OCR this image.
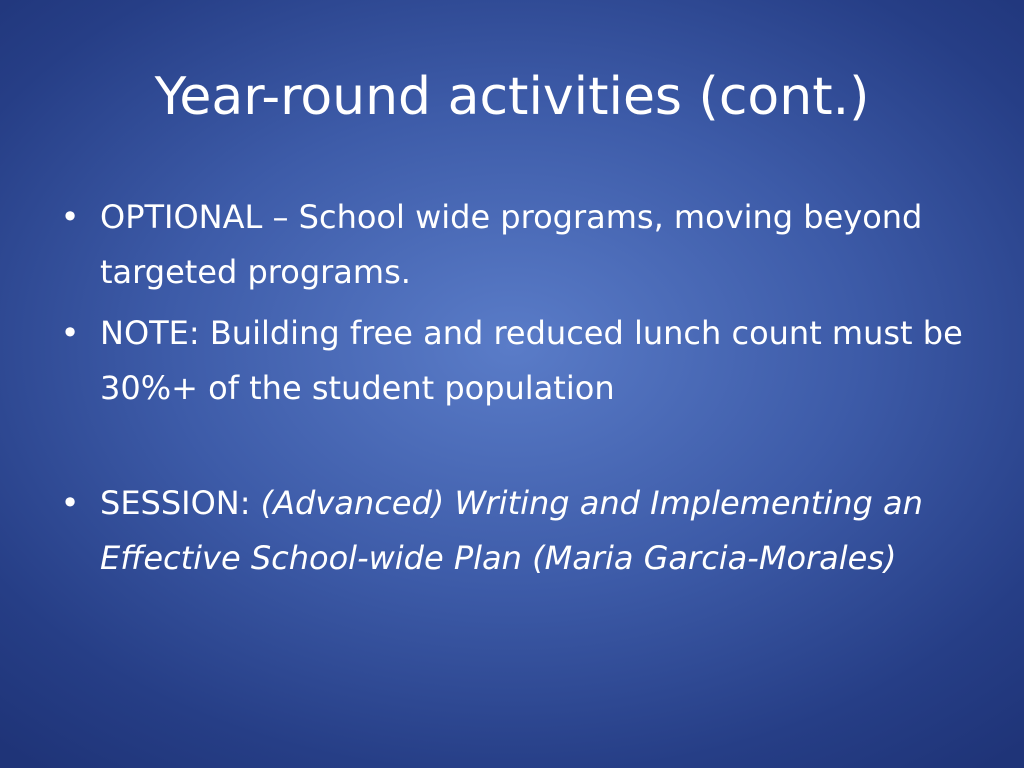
Year-round activities (cont.)
• OPTIONAL – School wide programs, moving beyond targeted programs.
• NOTE: Building free and reduced lunch count must be 30%+ of the student population
• SESSION: (Advanced) Writing and Implementing an Effective School-wide Plan (Maria Garcia-Morales)
